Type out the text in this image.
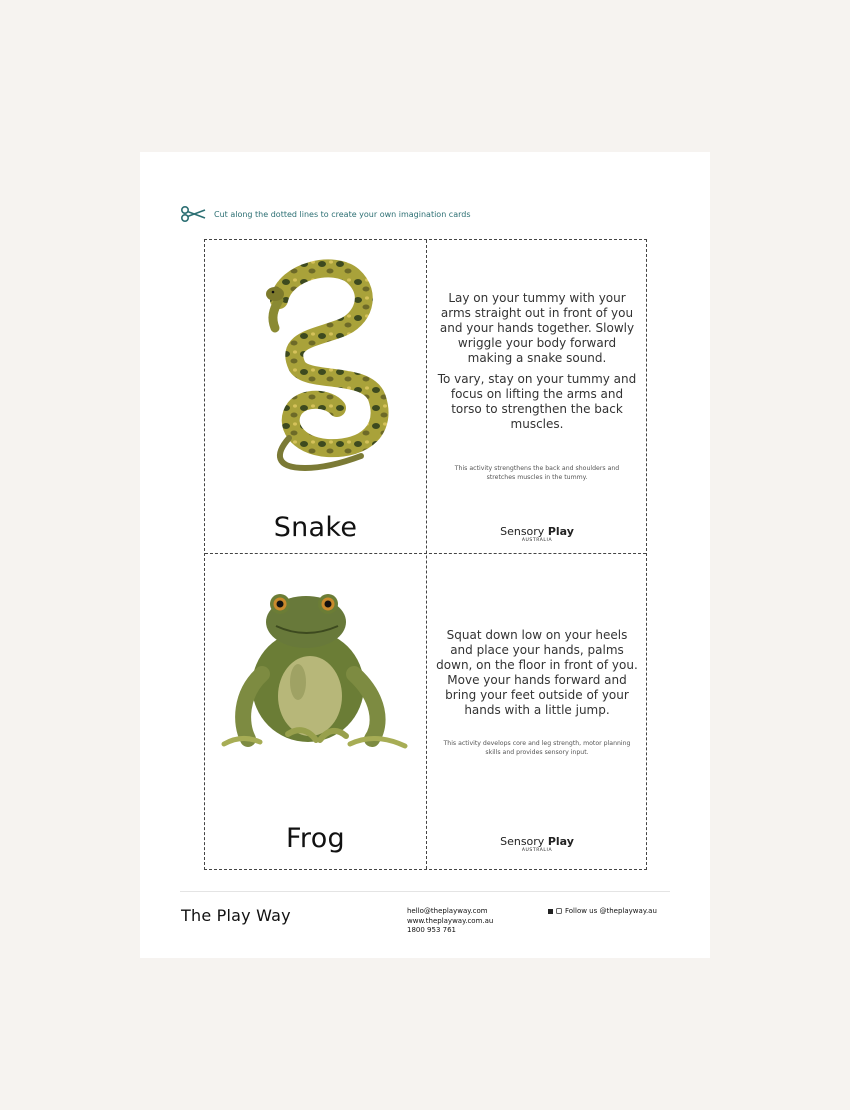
Cut along the dotted lines to create your own imagination cards
Snake

Lay on your tummy with your arms straight out in front of you and your hands together. Slowly wriggle your body forward making a snake sound.

To vary, stay on your tummy and focus on lifting the arms and torso to strengthen the back muscles.

This activity strengthens the back and shoulders and stretches muscles in the tummy.
Sensory Play
AUSTRALIA
Frog

Squat down low on your heels and place your hands, palms down, on the floor in front of you. Move your hands forward and bring your feet outside of your hands with a little jump.

This activity develops core and leg strength, motor planning skills and provides sensory input.
Sensory Play
AUSTRALIA
The Play Way	hello@theplayway.com
www.theplayway.com.au
1800 953 761
Follow us @theplayway.au
